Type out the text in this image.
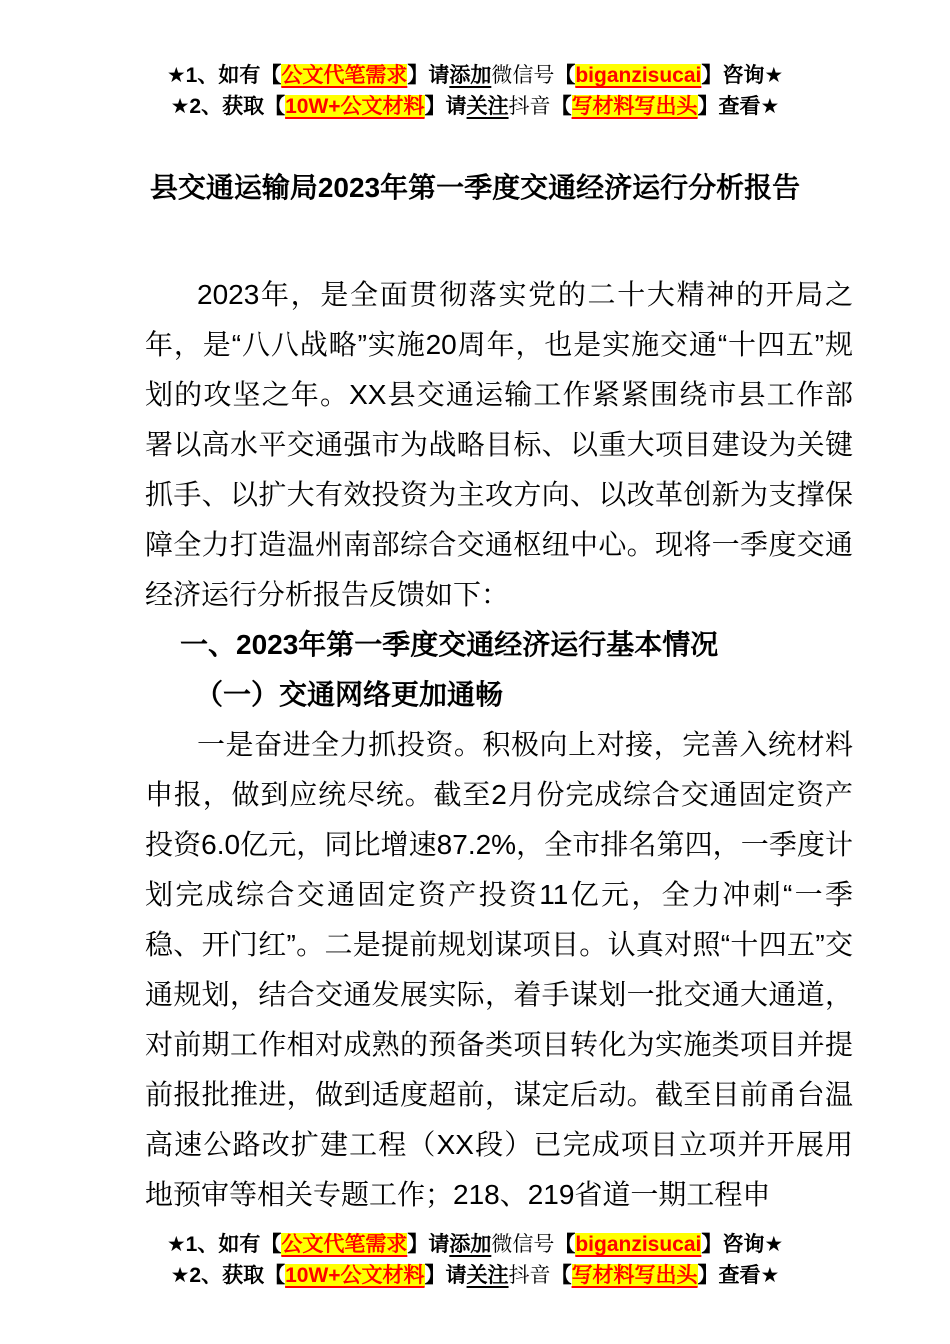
★1、如有【公文代笔需求】请添加微信号【biganzisucai】咨询★
★2、获取【10W+公文材料】请关注抖音【写材料写出头】查看★
县交通运输局2023年第一季度交通经济运行分析报告

2023年，是全面贯彻落实党的二十大精神的开局之年，是“八八战略”实施20周年，也是实施交通“十四五”规划的攻坚之年。XX县交通运输工作紧紧围绕市县工作部署以高水平交通强市为战略目标、以重大项目建设为关键抓手、以扩大有效投资为主攻方向、以改革创新为支撑保障全力打造温州南部综合交通枢纽中心。现将一季度交通经济运行分析报告反馈如下：

一、2023年第一季度交通经济运行基本情况
（一）交通网络更加通畅

一是奋进全力抓投资。积极向上对接，完善入统材料申报，做到应统尽统。截至2月份完成综合交通固定资产投资6.0亿元，同比增速87.2%，全市排名第四，一季度计划完成综合交通固定资产投资11亿元，全力冲刺“一季稳、开门红”。二是提前规划谋项目。认真对照“十四五”交通规划，结合交通发展实际，着手谋划一批交通大通道，对前期工作相对成熟的预备类项目转化为实施类项目并提前报批推进，做到适度超前，谋定后动。截至目前甬台温高速公路改扩建工程（XX段）已完成项目立项并开展用地预审等相关专题工作；218、219省道一期工程申

★1、如有【公文代笔需求】请添加微信号【biganzisucai】咨询★
★2、获取【10W+公文材料】请关注抖音【写材料写出头】查看★
